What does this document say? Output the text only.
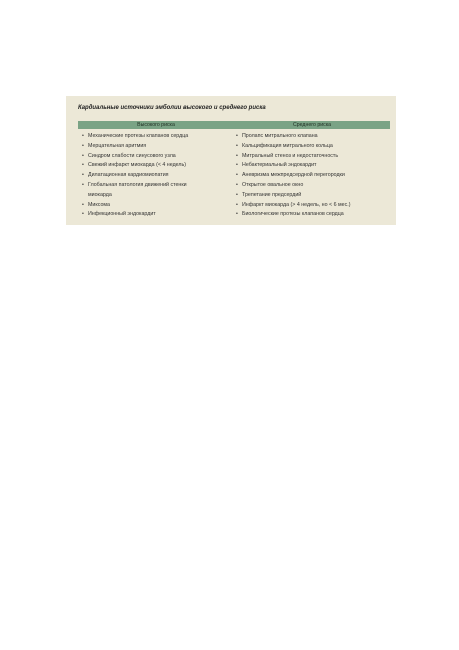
Кардиальные источники эмболии высокого и среднего риска
Высокого риска	Среднего риска
• Механические протезы клапанов сердца
• Мерцательная аритмия
• Синдром слабости синусового узла
• Свежий инфаркт миокарда (< 4 недель)
• Дилатационная кардиомиопатия
• Глобальная патология движений стенки
миокарда
• Миксома
• Инфекционный эндокардит
• Пролапс митрального клапана
• Кальцификация митрального кольца
• Митральный стеноз и недостаточность
• Небактериальный эндокардит
• Аневризма межпредсердной перегородки
• Открытое овальное окно
• Трепетание предсердий
• Инфаркт миокарда (> 4 недель, но < 6 мес.)
• Биологические протезы клапанов сердца
